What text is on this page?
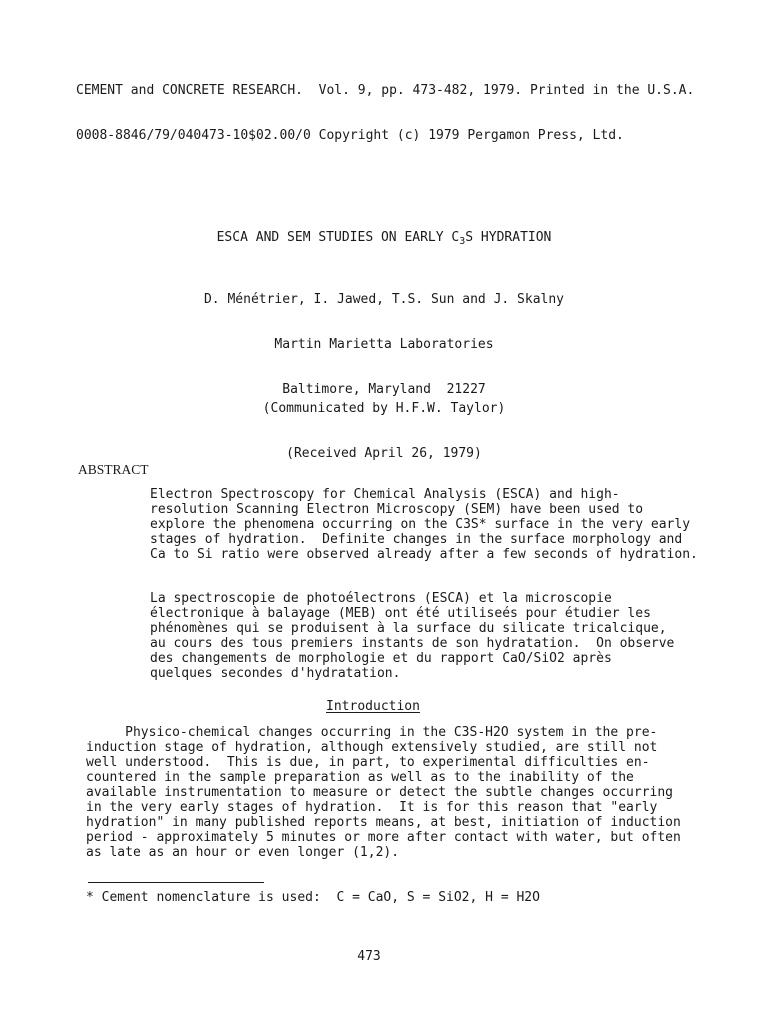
CEMENT and CONCRETE RESEARCH.  Vol. 9, pp. 473-482, 1979. Printed in the U.S.A.

0008-8846/79/040473-10$02.00/0 Copyright (c) 1979 Pergamon Press, Ltd.

ESCA AND SEM STUDIES ON EARLY $C_3S$ HYDRATION

D. Ménétrier, I. Jawed, T.S. Sun and J. Skalny

Martin Marietta Laboratories

Baltimore, Maryland  21227

(Communicated by H.F.W. Taylor)

(Received April 26, 1979)

ABSTRACT
Electron Spectroscopy for Chemical Analysis (ESCA) and high-
resolution Scanning Electron Microscopy (SEM) have been used to
explore the phenomena occurring on the C3S* surface in the very early
stages of hydration.  Definite changes in the surface morphology and
Ca to Si ratio were observed already after a few seconds of hydration.
La spectroscopie de photoélectrons (ESCA) et la microscopie
électronique à balayage (MEB) ont été utiliseés pour étudier les
phénomènes qui se produisent à la surface du silicate tricalcique,
au cours des tous premiers instants de son hydratation.  On observe
des changements de morphologie et du rapport CaO/SiO2 après
quelques secondes d'hydratation.
Introduction
Physico-chemical changes occurring in the C3S-H2O system in the pre-
induction stage of hydration, although extensively studied, are still not
well understood.  This is due, in part, to experimental difficulties en-
countered in the sample preparation as well as to the inability of the
available instrumentation to measure or detect the subtle changes occurring
in the very early stages of hydration.  It is for this reason that "early
hydration" in many published reports means, at best, initiation of induction
period - approximately 5 minutes or more after contact with water, but often
as late as an hour or even longer (1,2).
* Cement nomenclature is used:  C = CaO, S = SiO2, H = H2O
473
